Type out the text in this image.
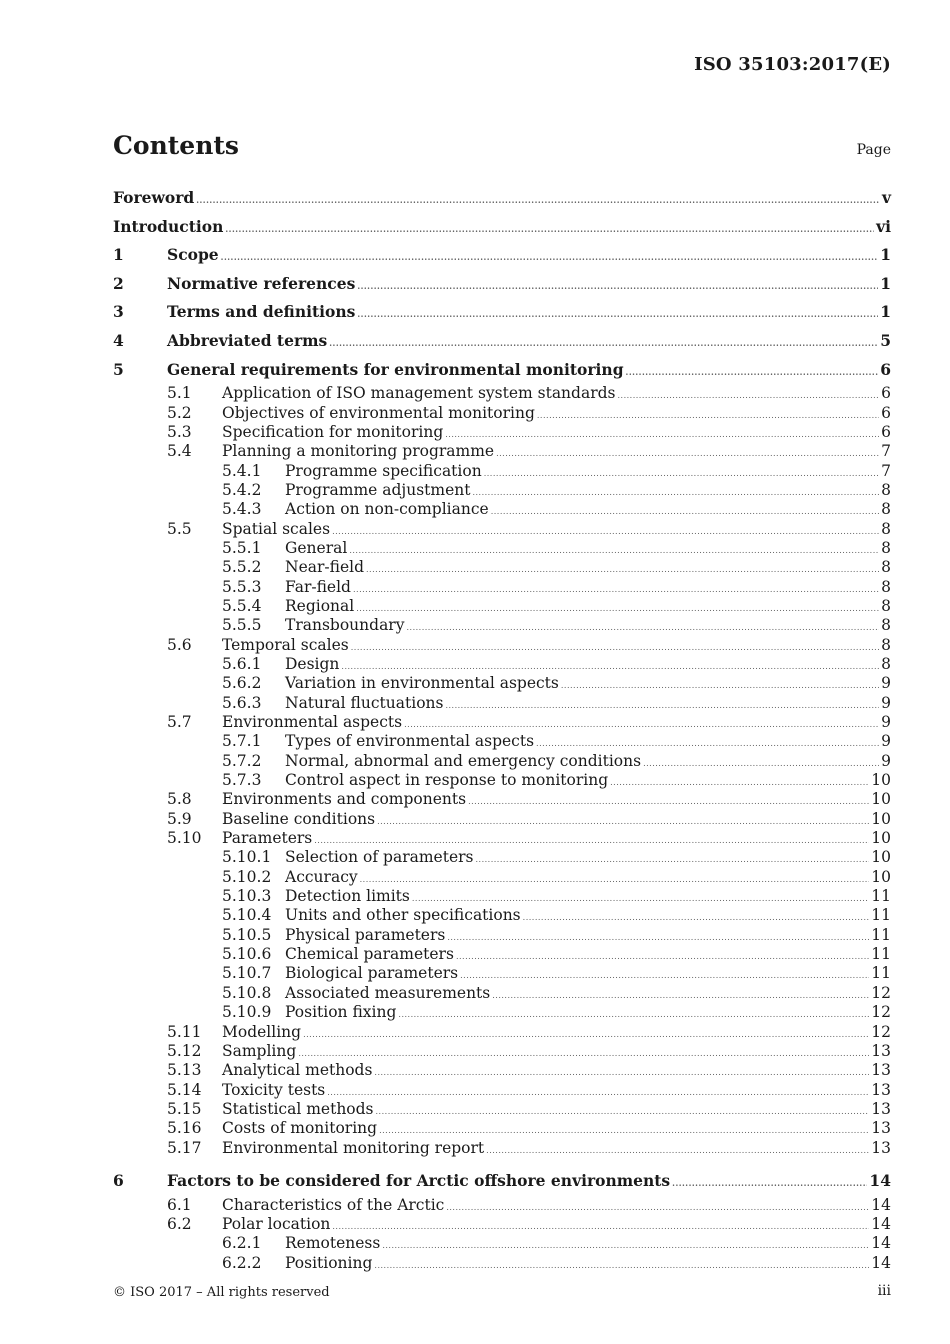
ISO 35103:2017(E)
Contents	Page
Foreword .....	v
Introduction .....	vi
1	Scope .....	1
2	Normative references .....	1
3	Terms and definitions .....	1
4	Abbreviated terms .....	5
5	General requirements for environmental monitoring .....	6
5.1 Application of ISO management system standards .....	6
5.2 Objectives of environmental monitoring .....	6
5.3 Specification for monitoring .....	6
5.4 Planning a monitoring programme .....	7
5.4.1 Programme specification .....	7
5.4.2 Programme adjustment .....	8
5.4.3 Action on non-compliance .....	8
5.5 Spatial scales .....	8
5.5.1 General .....	8
5.5.2 Near-field .....	8
5.5.3 Far-field .....	8
5.5.4 Regional .....	8
5.5.5 Transboundary .....	8
5.6 Temporal scales .....	8
5.6.1 Design .....	8
5.6.2 Variation in environmental aspects .....	9
5.6.3 Natural fluctuations .....	9
5.7 Environmental aspects .....	9
5.7.1 Types of environmental aspects .....	9
5.7.2 Normal, abnormal and emergency conditions .....	9
5.7.3 Control aspect in response to monitoring .....	10
5.8 Environments and components .....	10
5.9 Baseline conditions .....	10
5.10 Parameters .....	10
5.10.1 Selection of parameters .....	10
5.10.2 Accuracy .....	10
5.10.3 Detection limits .....	11
5.10.4 Units and other specifications .....	11
5.10.5 Physical parameters .....	11
5.10.6 Chemical parameters .....	11
5.10.7 Biological parameters .....	11
5.10.8 Associated measurements .....	12
5.10.9 Position fixing .....	12
5.11 Modelling .....	12
5.12 Sampling .....	13
5.13 Analytical methods .....	13
5.14 Toxicity tests .....	13
5.15 Statistical methods .....	13
5.16 Costs of monitoring .....	13
5.17 Environmental monitoring report .....	13
6	Factors to be considered for Arctic offshore environments .....	14
6.1 Characteristics of the Arctic .....	14
6.2 Polar location .....	14
6.2.1 Remoteness .....	14
6.2.2 Positioning .....	14
© ISO 2017 – All rights reserved	iii
